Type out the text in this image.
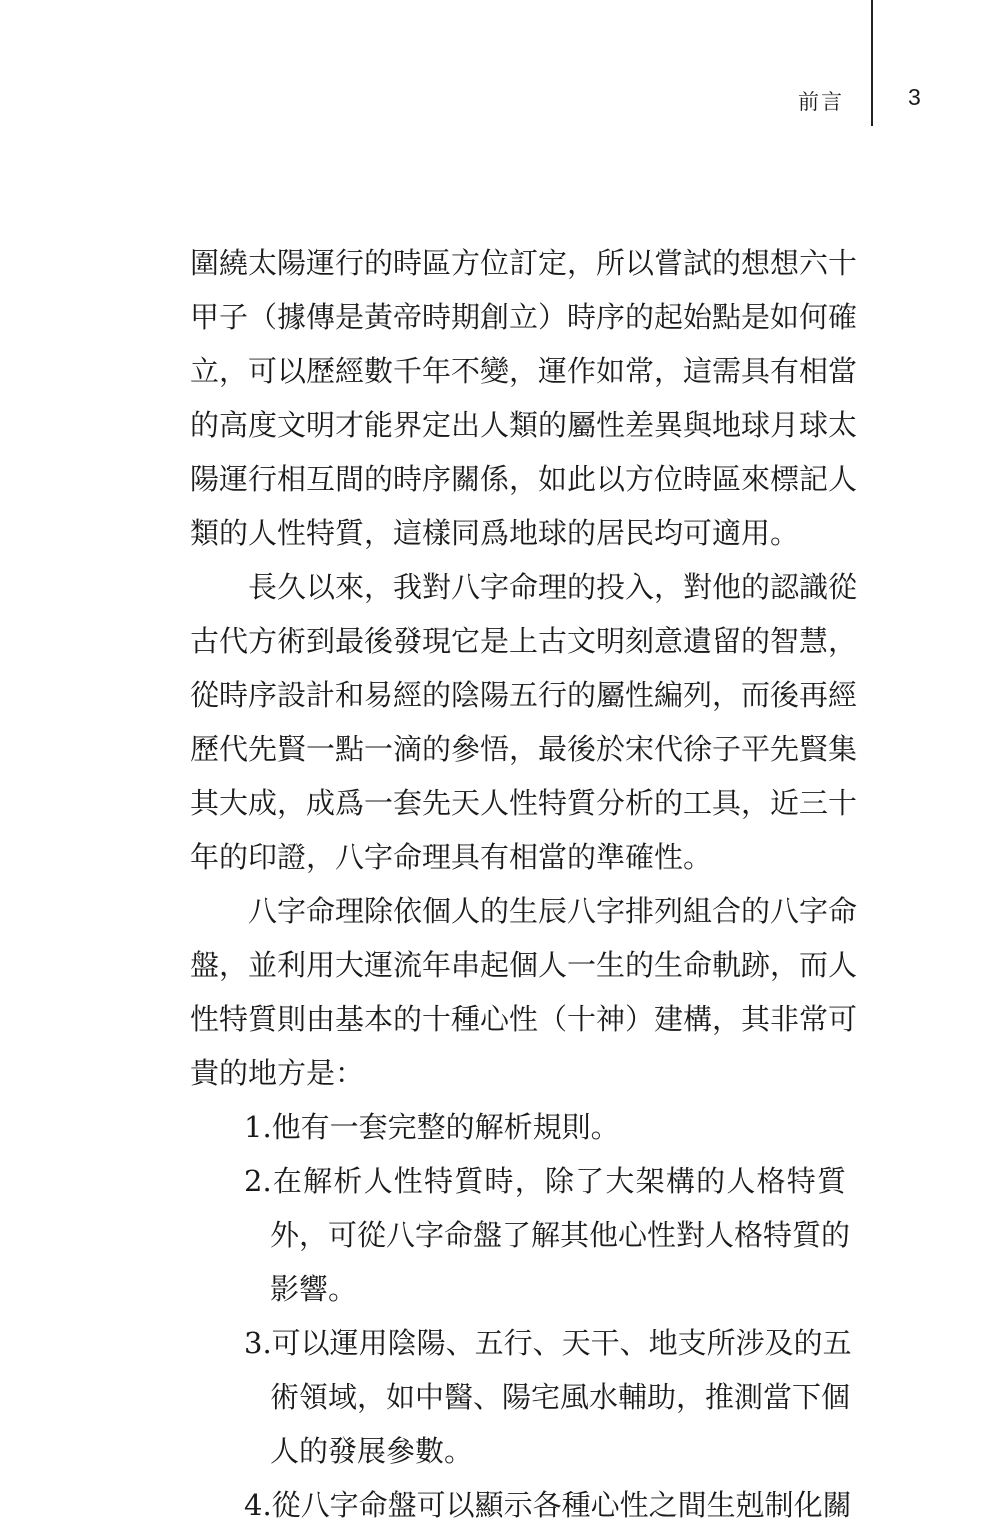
前言	3
圍繞太陽運行的時區方位訂定，所以嘗試的想想六十
甲子（據傳是黃帝時期創立）時序的起始點是如何確
立，可以歷經數千年不變，運作如常，這需具有相當
的高度文明才能界定出人類的屬性差異與地球月球太
陽運行相互間的時序關係，如此以方位時區來標記人
類的人性特質，這樣同爲地球的居民均可適用。
長久以來，我對八字命理的投入，對他的認識從
古代方術到最後發現它是上古文明刻意遺留的智慧，
從時序設計和易經的陰陽五行的屬性編列，而後再經
歷代先賢一點一滴的參悟，最後於宋代徐子平先賢集
其大成，成爲一套先天人性特質分析的工具，近三十
年的印證，八字命理具有相當的準確性。
八字命理除依個人的生辰八字排列組合的八字命
盤，並利用大運流年串起個人一生的生命軌跡，而人
性特質則由基本的十種心性（十神）建構，其非常可
貴的地方是：
1.他有一套完整的解析規則。
2.在解析人性特質時，除了大架構的人格特質
外，可從八字命盤了解其他心性對人格特質的
影響。
3.可以運用陰陽、五行、天干、地支所涉及的五
術領域，如中醫、陽宅風水輔助，推測當下個
人的發展參數。
4.從八字命盤可以顯示各種心性之間生剋制化關
